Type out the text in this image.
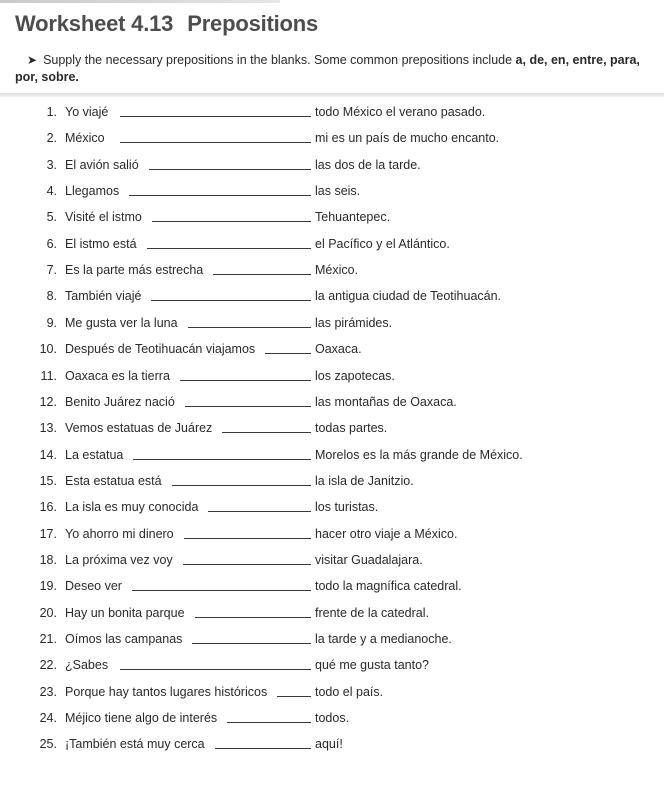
Worksheet 4.13 Prepositions
➤ Supply the necessary prepositions in the blanks. Some common prepositions include a, de, en, entre, para, por, sobre.
1. Yo viajé	todo México el verano pasado.
2. México	mi es un país de mucho encanto.
3. El avión salió	las dos de la tarde.
4. Llegamos	las seis.
5. Visité el istmo	Tehuantepec.
6. El istmo está	el Pacífico y el Atlántico.
7. Es la parte más estrecha	México.
8. También viajé	la antigua ciudad de Teotihuacán.
9. Me gusta ver la luna	las pirámides.
10. Después de Teotihuacán viajamos	Oaxaca.
11. Oaxaca es la tierra	los zapotecas.
12. Benito Juárez nació	las montañas de Oaxaca.
13. Vemos estatuas de Juárez	todas partes.
14. La estatua	Morelos es la más grande de México.
15. Esta estatua está	la isla de Janitzio.
16. La isla es muy conocida	los turistas.
17. Yo ahorro mi dinero	hacer otro viaje a México.
18. La próxima vez voy	visitar Guadalajara.
19. Deseo ver	todo la magnífica catedral.
20. Hay un bonita parque	frente de la catedral.
21. Oímos las campanas	la tarde y a medianoche.
22. ¿Sabes	qué me gusta tanto?
23. Porque hay tantos lugares históricos	todo el país.
24. Méjico tiene algo de interés	todos.
25. ¡También está muy cerca	aquí!
